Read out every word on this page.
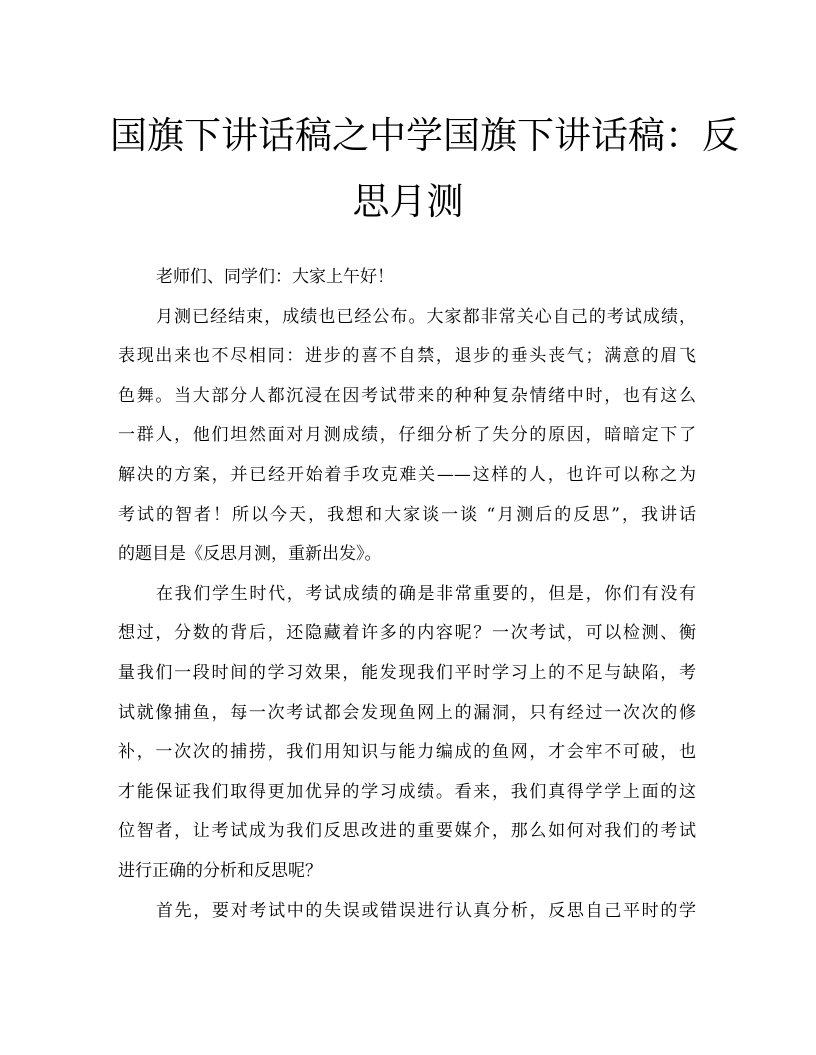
国旗下讲话稿之中学国旗下讲话稿：反
思月测

老师们、同学们：大家上午好！

月测已经结束，成绩也已经公布。大家都非常关心自己的考试成绩，
表现出来也不尽相同：进步的喜不自禁，退步的垂头丧气；满意的眉飞
色舞。当大部分人都沉浸在因考试带来的种种复杂情绪中时，也有这么
一群人，他们坦然面对月测成绩，仔细分析了失分的原因，暗暗定下了
解决的方案，并已经开始着手攻克难关——这样的人，也许可以称之为
考试的智者！所以今天，我想和大家谈一谈 “月测后的反思”，我讲话
的题目是《反思月测，重新出发》。

在我们学生时代，考试成绩的确是非常重要的，但是，你们有没有
想过，分数的背后，还隐藏着许多的内容呢？一次考试，可以检测、衡
量我们一段时间的学习效果，能发现我们平时学习上的不足与缺陷，考
试就像捕鱼，每一次考试都会发现鱼网上的漏洞，只有经过一次次的修
补，一次次的捕捞，我们用知识与能力编成的鱼网，才会牢不可破，也
才能保证我们取得更加优异的学习成绩。看来，我们真得学学上面的这
位智者，让考试成为我们反思改进的重要媒介，那么如何对我们的考试
进行正确的分析和反思呢？

首先，要对考试中的失误或错误进行认真分析，反思自己平时的学
